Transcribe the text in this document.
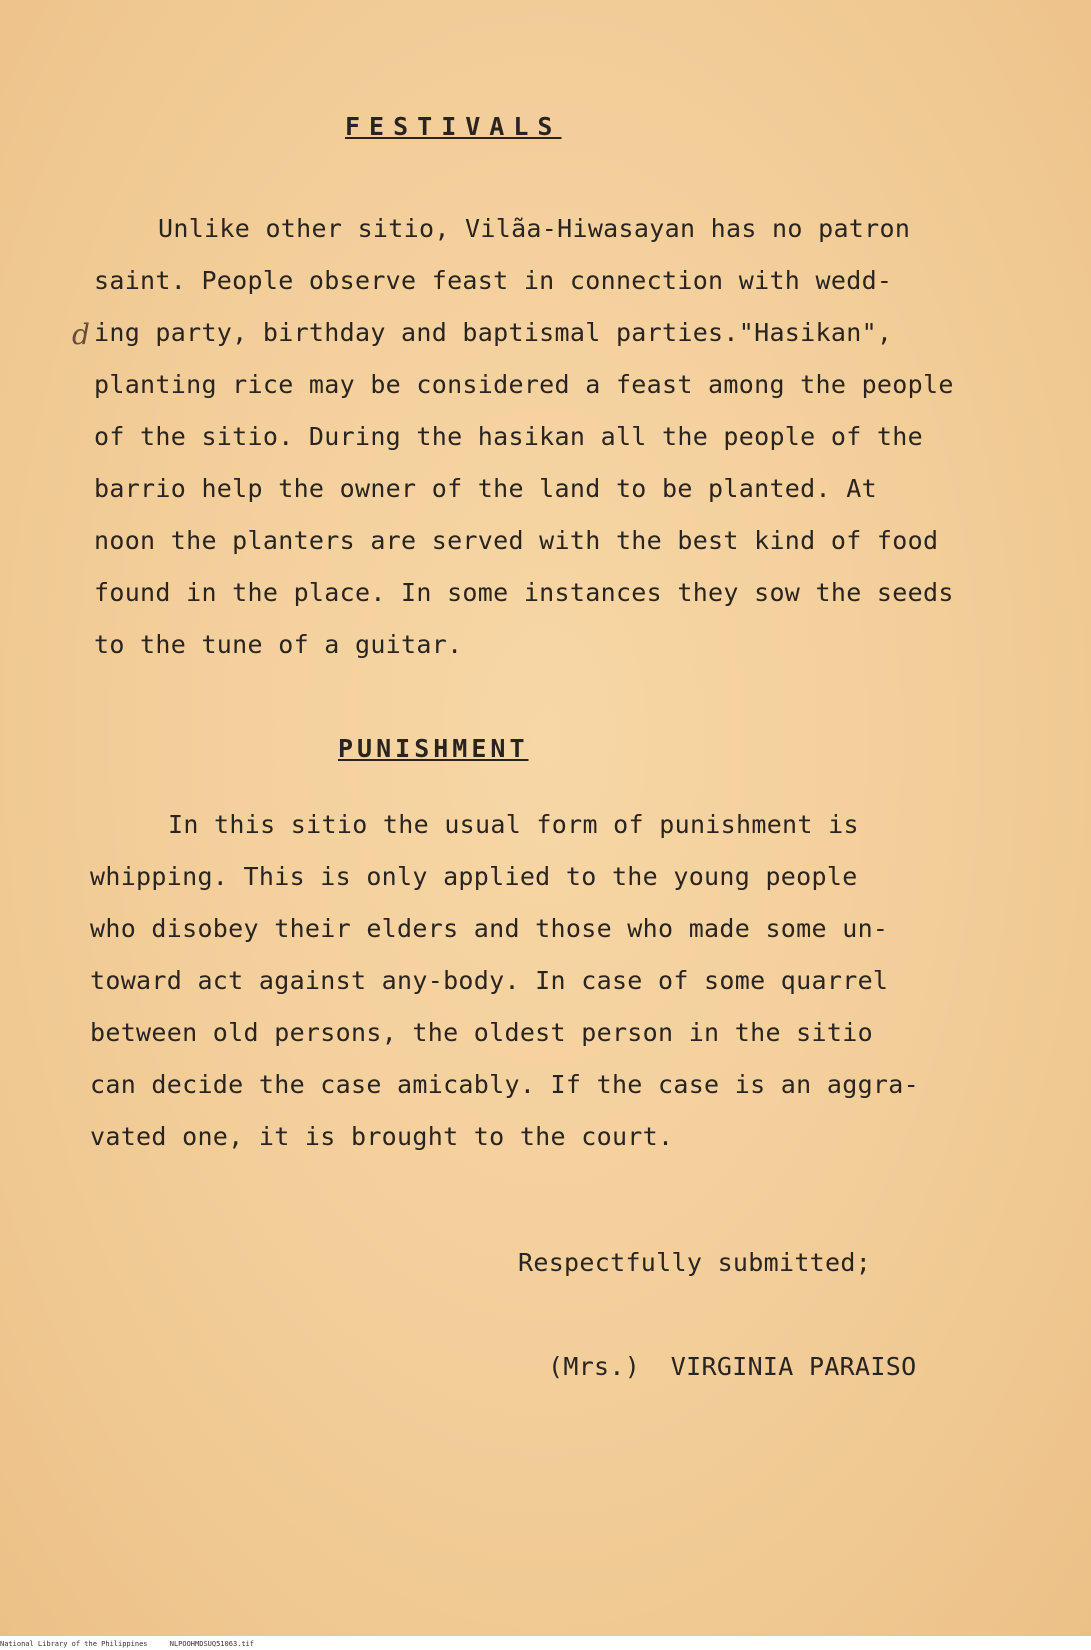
FESTIVALS
d
Unlike other sitio, Vilãa-Hiwasayan has no patron
saint. People observe feast in connection with wedd-
ing party, birthday and baptismal parties."Hasikan",
planting rice may be considered a feast among the people
of the sitio. During the hasikan all the people of the
barrio help the owner of the land to be planted. At
noon the planters are served with the best kind of food
found in the place. In some instances they sow the seeds
to the tune of a guitar.
PUNISHMENT
In this sitio the usual form of punishment is
whipping. This is only applied to the young people
who disobey their elders and those who made some un-
toward act against any-body. In case of some quarrel
between old persons, the oldest person in the sitio
can decide the case amicably. If the case is an aggra-
vated one, it is brought to the court.
Respectfully submitted;
(Mrs.)  VIRGINIA PARAISO
National Library of the Philippines	NLPOOHMDSUQ51063.tif
